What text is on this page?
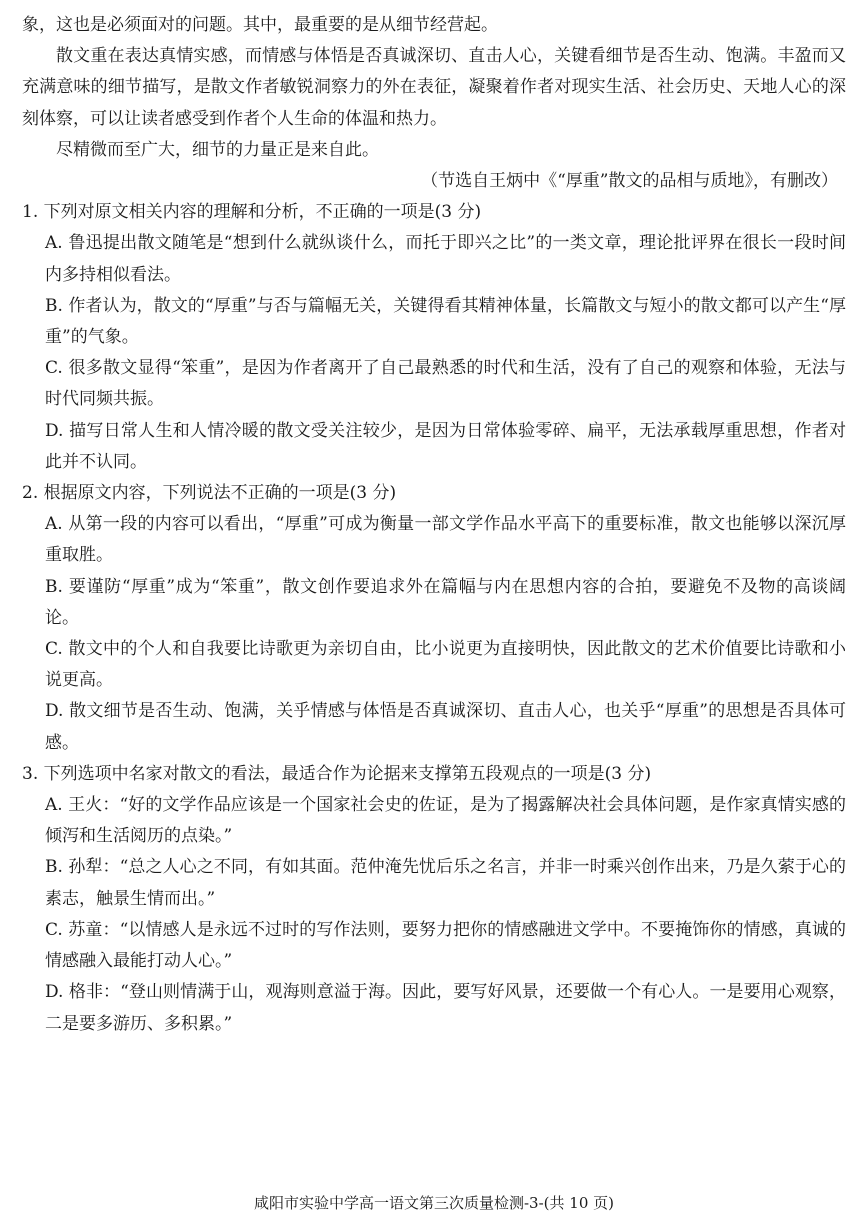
象，这也是必须面对的问题。其中，最重要的是从细节经营起。

散文重在表达真情实感，而情感与体悟是否真诚深切、直击人心，关键看细节是否生动、饱满。丰盈而又充满意味的细节描写，是散文作者敏锐洞察力的外在表征，凝聚着作者对现实生活、社会历史、天地人心的深刻体察，可以让读者感受到作者个人生命的体温和热力。

尽精微而至广大，细节的力量正是来自此。

（节选自王炳中《“厚重”散文的品相与质地》，有删改）

1. 下列对原文相关内容的理解和分析，不正确的一项是(3 分)

A. 鲁迅提出散文随笔是“想到什么就纵谈什么，而托于即兴之比”的一类文章，理论批评界在很长一段时间内多持相似看法。

B. 作者认为，散文的“厚重”与否与篇幅无关，关键得看其精神体量，长篇散文与短小的散文都可以产生“厚重”的气象。

C. 很多散文显得“笨重”，是因为作者离开了自己最熟悉的时代和生活，没有了自己的观察和体验，无法与时代同频共振。

D. 描写日常人生和人情冷暖的散文受关注较少，是因为日常体验零碎、扁平，无法承载厚重思想，作者对此并不认同。

2. 根据原文内容，下列说法不正确的一项是(3 分)

A. 从第一段的内容可以看出，“厚重”可成为衡量一部文学作品水平高下的重要标准，散文也能够以深沉厚重取胜。

B. 要谨防“厚重”成为“笨重”，散文创作要追求外在篇幅与内在思想内容的合拍，要避免不及物的高谈阔论。

C. 散文中的个人和自我要比诗歌更为亲切自由，比小说更为直接明快，因此散文的艺术价值要比诗歌和小说更高。

D. 散文细节是否生动、饱满，关乎情感与体悟是否真诚深切、直击人心，也关乎“厚重”的思想是否具体可感。

3. 下列选项中名家对散文的看法，最适合作为论据来支撑第五段观点的一项是(3 分)

A. 王火：“好的文学作品应该是一个国家社会史的佐证，是为了揭露解决社会具体问题，是作家真情实感的倾泻和生活阅历的点染。”

B. 孙犁：“总之人心之不同，有如其面。范仲淹先忧后乐之名言，并非一时乘兴创作出来，乃是久萦于心的素志，触景生情而出。”

C. 苏童：“以情感人是永远不过时的写作法则，要努力把你的情感融进文学中。不要掩饰你的情感，真诚的情感融入最能打动人心。”

D. 格非：“登山则情满于山，观海则意溢于海。因此，要写好风景，还要做一个有心人。一是要用心观察，二是要多游历、多积累。”

咸阳市实验中学高一语文第三次质量检测-3-(共 10 页)
